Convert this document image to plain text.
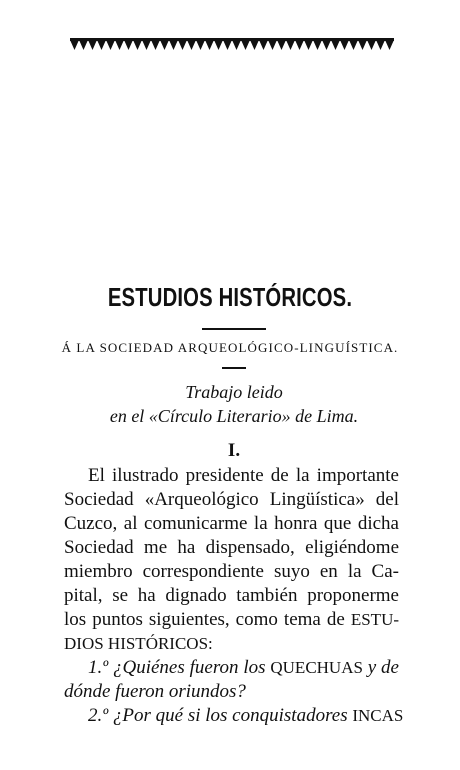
ESTUDIOS HISTÓRICOS.

Á LA SOCIEDAD ARQUEOLÓGICO-LINGUÍSTICA.

Trabajo leido

en el «Círculo Literario» de Lima.

I.

El ilustrado presidente de la importante
Sociedad «Arqueológico Lingüística» del
Cuzco, al comunicarme la honra que dicha
Sociedad me ha dispensado, eligiéndome
miembro correspondiente suyo en la Ca-
pital, se ha dignado también proponerme
los puntos siguientes, como tema de ESTU-
DIOS HISTÓRICOS:
1.º ¿Quiénes fueron los QUECHUAS y de
dónde fueron oriundos?
2.º ¿Por qué si los conquistadores INCAS
